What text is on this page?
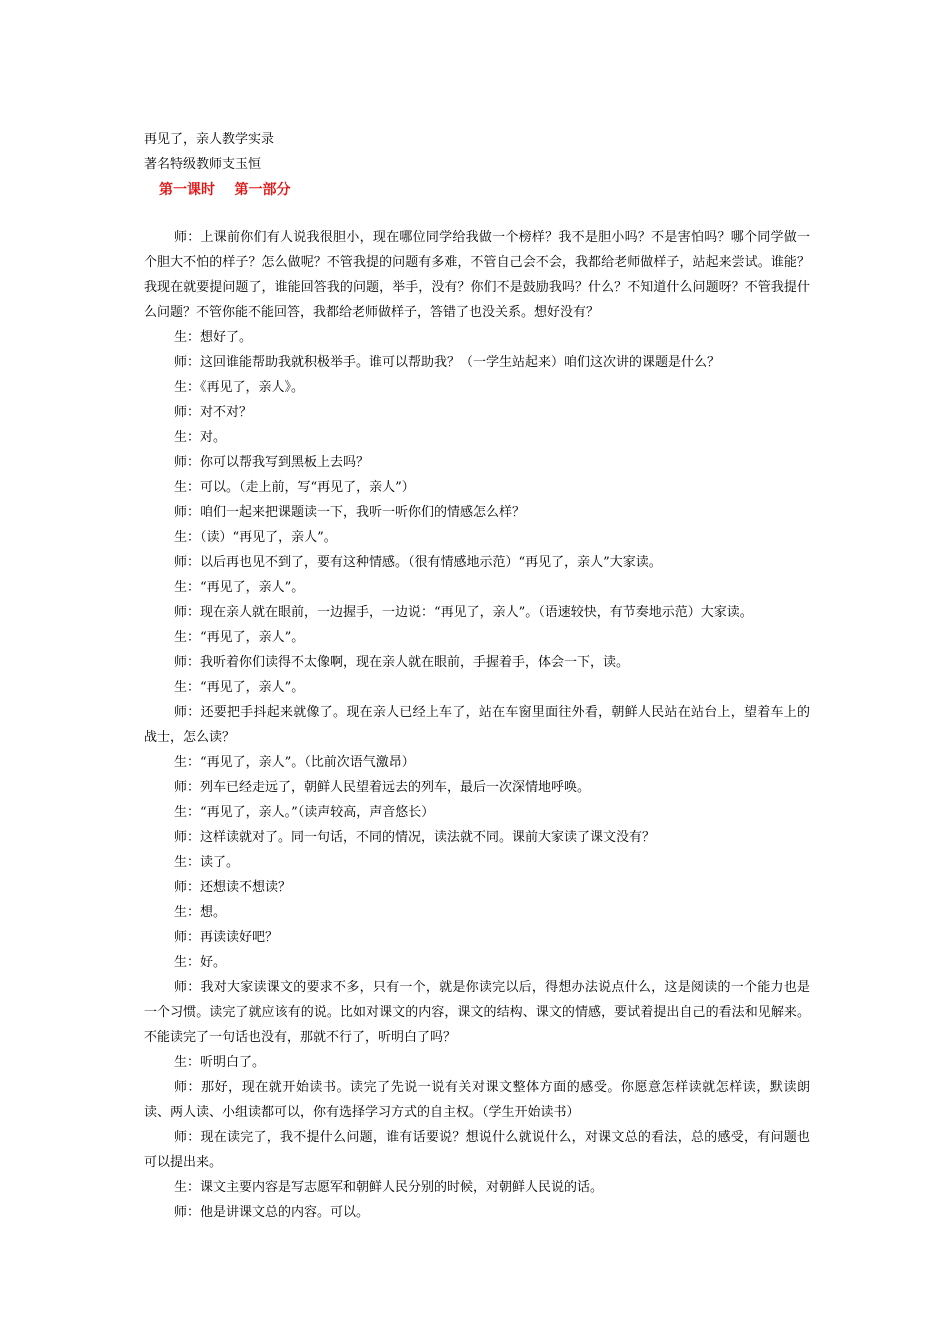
再见了，亲人教学实录
著名特级教师支玉恒
第一课时    第一部分

师：上课前你们有人说我很胆小，现在哪位同学给我做一个榜样？我不是胆小吗？不是害怕吗？哪个同学做一个胆大不怕的样子？怎么做呢？不管我提的问题有多难，不管自己会不会，我都给老师做样子，站起来尝试。谁能？我现在就要提问题了，谁能回答我的问题，举手，没有？你们不是鼓励我吗？什么？不知道什么问题呀？不管我提什么问题？不管你能不能回答，我都给老师做样子，答错了也没关系。想好没有？

生：想好了。

师：这回谁能帮助我就积极举手。谁可以帮助我？（一学生站起来）咱们这次讲的课题是什么？

生：《再见了，亲人》。

师：对不对？

生：对。

师：你可以帮我写到黑板上去吗？

生：可以。（走上前，写“再见了，亲人”）

师：咱们一起来把课题读一下，我听一听你们的情感怎么样？

生：（读）“再见了，亲人”。

师：以后再也见不到了，要有这种情感。（很有情感地示范）“再见了，亲人”大家读。

生：“再见了，亲人”。

师：现在亲人就在眼前，一边握手，一边说：“再见了，亲人”。（语速较快，有节奏地示范）大家读。

生：“再见了，亲人”。

师：我听着你们读得不太像啊，现在亲人就在眼前，手握着手，体会一下，读。

生：“再见了，亲人”。

师：还要把手抖起来就像了。现在亲人已经上车了，站在车窗里面往外看，朝鲜人民站在站台上，望着车上的战士，怎么读？

生：“再见了，亲人”。（比前次语气激昂）

师：列车已经走远了，朝鲜人民望着远去的列车，最后一次深情地呼唤。

生：“再见了，亲人。”（读声较高，声音悠长）

师：这样读就对了。同一句话，不同的情况，读法就不同。课前大家读了课文没有？

生：读了。

师：还想读不想读？

生：想。

师：再读读好吧？

生：好。

师：我对大家读课文的要求不多，只有一个，就是你读完以后，得想办法说点什么，这是阅读的一个能力也是一个习惯。读完了就应该有的说。比如对课文的内容，课文的结构、课文的情感，要试着提出自己的看法和见解来。不能读完了一句话也没有，那就不行了，听明白了吗？

生：听明白了。

师：那好，现在就开始读书。读完了先说一说有关对课文整体方面的感受。你愿意怎样读就怎样读，默读朗读、两人读、小组读都可以，你有选择学习方式的自主权。（学生开始读书）

师：现在读完了，我不提什么问题，谁有话要说？想说什么就说什么，对课文总的看法，总的感受，有问题也可以提出来。

生：课文主要内容是写志愿军和朝鲜人民分别的时候，对朝鲜人民说的话。

师：他是讲课文总的内容。可以。
